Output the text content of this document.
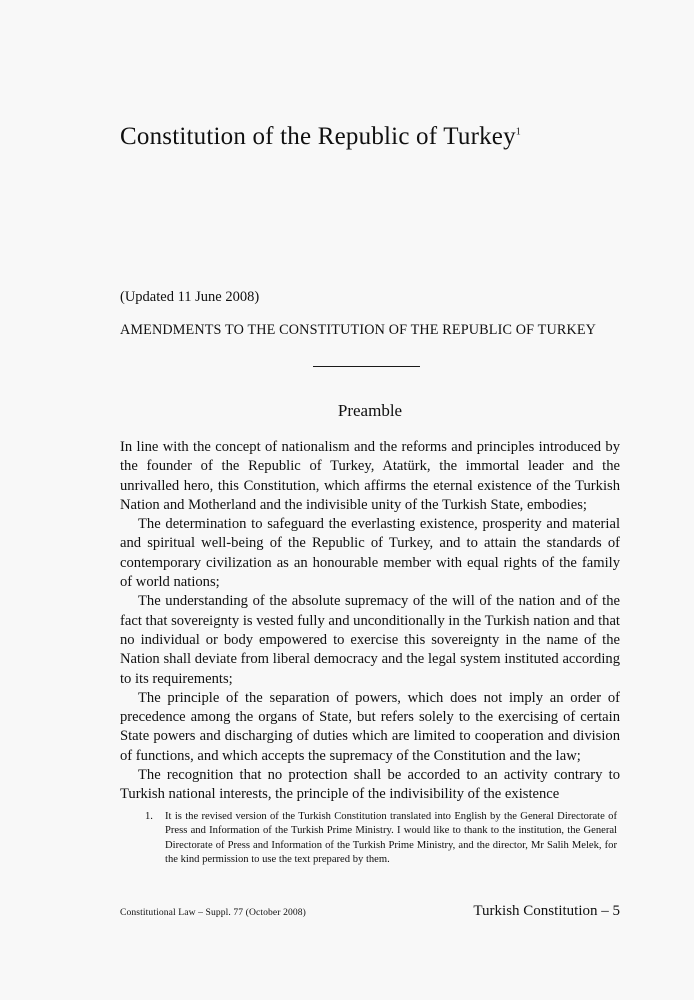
Constitution of the Republic of Turkey$^1$
(Updated 11 June 2008)
AMENDMENTS TO THE CONSTITUTION OF THE REPUBLIC OF TURKEY
Preamble

In line with the concept of nationalism and the reforms and principles introduced by the founder of the Republic of Turkey, Atatürk, the immortal leader and the unrivalled hero, this Constitution, which affirms the eternal existence of the Turkish Nation and Motherland and the indivisible unity of the Turkish State, embodies;

The determination to safeguard the everlasting existence, prosperity and material and spiritual well-being of the Republic of Turkey, and to attain the standards of contemporary civilization as an honourable member with equal rights of the family of world nations;

The understanding of the absolute supremacy of the will of the nation and of the fact that sovereignty is vested fully and unconditionally in the Turkish nation and that no individual or body empowered to exercise this sovereignty in the name of the Nation shall deviate from liberal democracy and the legal system instituted according to its requirements;

The principle of the separation of powers, which does not imply an order of precedence among the organs of State, but refers solely to the exercising of certain State powers and discharging of duties which are limited to cooperation and division of functions, and which accepts the supremacy of the Constitution and the law;

The recognition that no protection shall be accorded to an activity contrary to Turkish national interests, the principle of the indivisibility of the existence

1.	It is the revised version of the Turkish Constitution translated into English by the General Directorate of Press and Information of the Turkish Prime Ministry. I would like to thank to the institution, the General Directorate of Press and Information of the Turkish Prime Ministry, and the director, Mr Salih Melek, for the kind permission to use the text prepared by them.
Constitutional Law – Suppl. 77 (October 2008)	Turkish Constitution – 5
